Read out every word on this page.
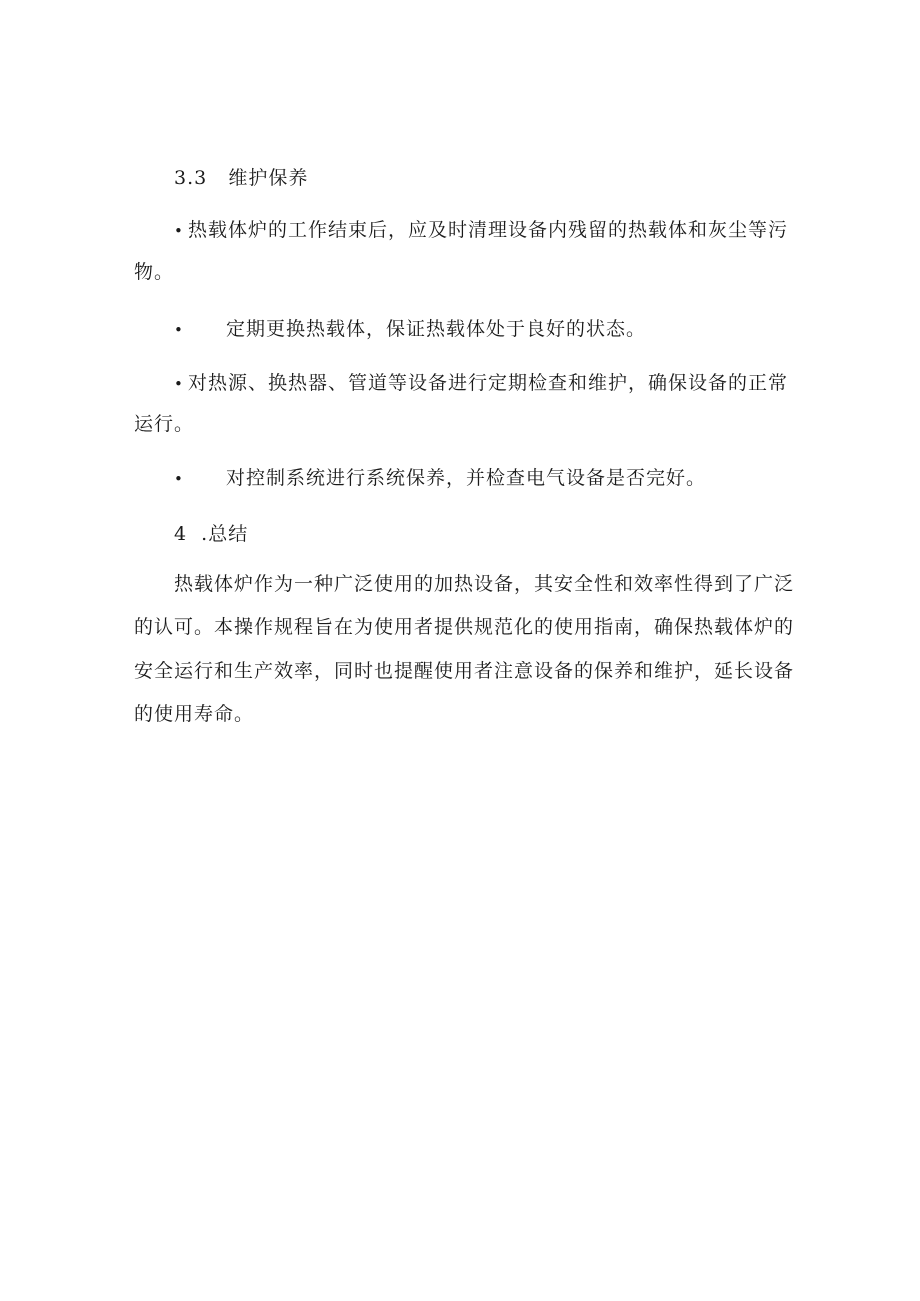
3.3 维护保养
• 热载体炉的工作结束后，应及时清理设备内残留的热载体和灰尘等污
物。
• 定期更换热载体，保证热载体处于良好的状态。
• 对热源、换热器、管道等设备进行定期检查和维护，确保设备的正常
运行。
• 对控制系统进行系统保养，并检查电气设备是否完好。
4  .总结
热载体炉作为一种广泛使用的加热设备，其安全性和效率性得到了广泛
的认可。本操作规程旨在为使用者提供规范化的使用指南，确保热载体炉的
安全运行和生产效率，同时也提醒使用者注意设备的保养和维护，延长设备
的使用寿命。
